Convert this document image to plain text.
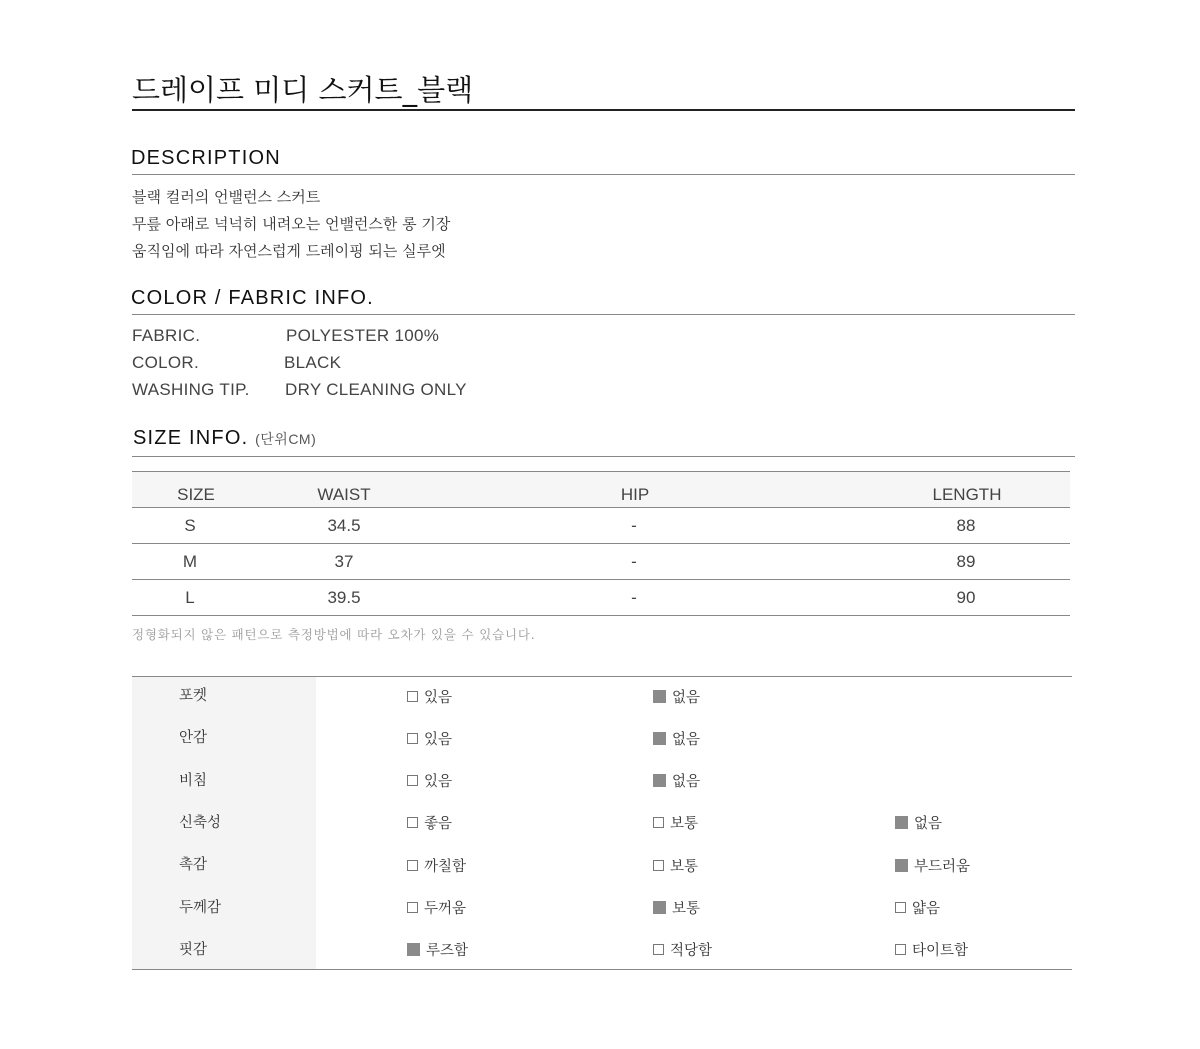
드레이프 미디 스커트_블랙
DESCRIPTION
블랙 컬러의 언밸런스 스커트
무릎 아래로 넉넉히 내려오는 언밸런스한 롱 기장
움직임에 따라 자연스럽게 드레이핑 되는 실루엣
COLOR / FABRIC INFO.
FABRIC.	POLYESTER 100%
COLOR.	BLACK
WASHING TIP. DRY CLEANING ONLY
SIZE INFO. (단위CM)
SIZE	WAIST	HIP	LENGTH
S	34.5	-	88
M	37	-	89
L	39.5	-	90
정형화되지 않은 패턴으로 측정방법에 따라 오차가 있을 수 있습니다.
포켓	있음	없음
안감	있음	없음
비침	있음	없음
신축성	좋음	보통	없음
촉감	까칠함	보통	부드러움
두께감	두꺼움	보통	얇음
핏감	루즈함	적당함	타이트함
